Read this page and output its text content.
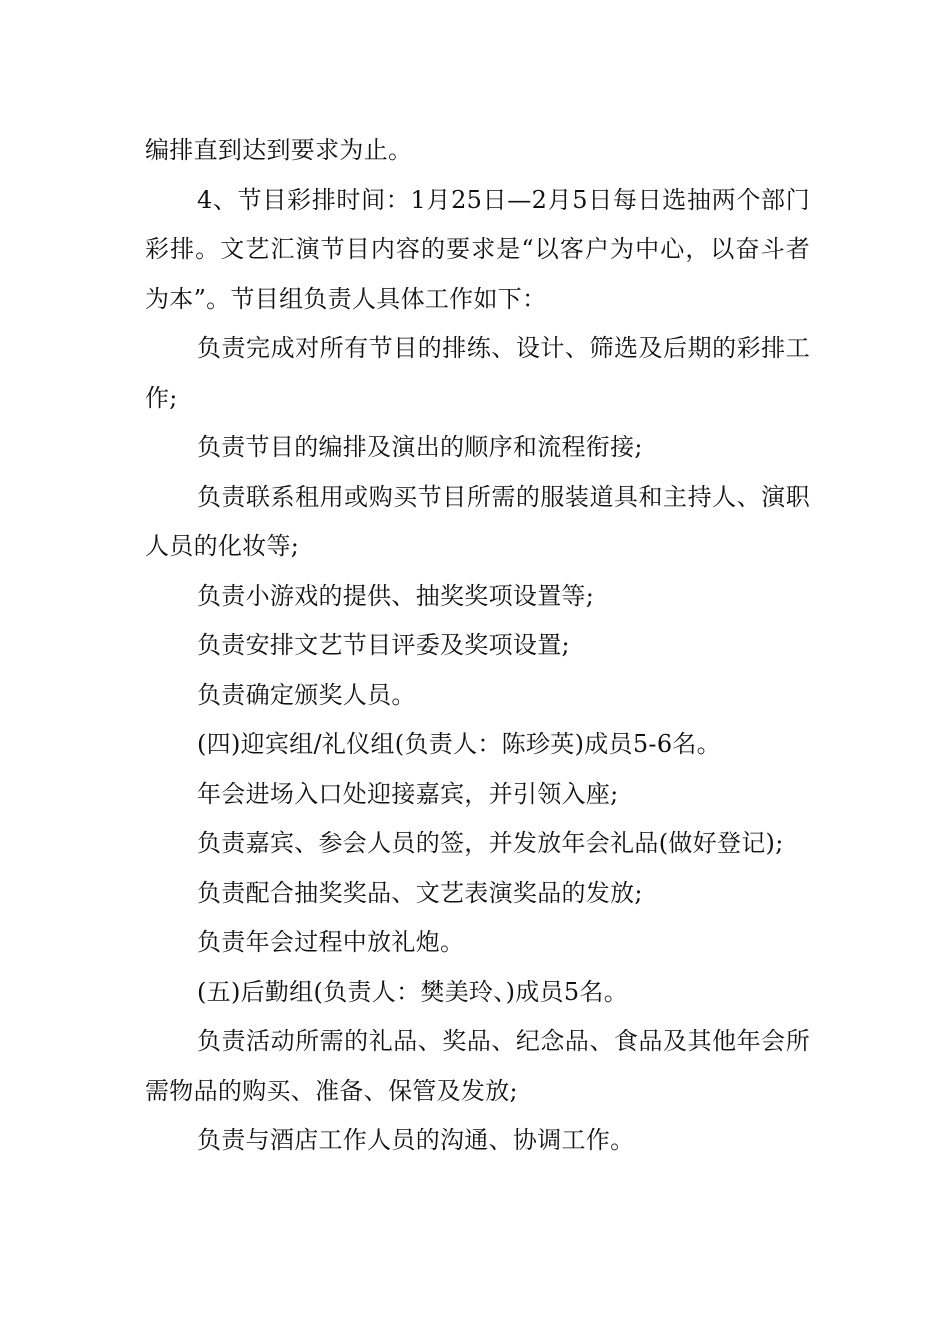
编排直到达到要求为止。

4、节目彩排时间：1月25日—2月5日每日选抽两个部门彩排。文艺汇演节目内容的要求是“以客户为中心，以奋斗者为本”。节目组负责人具体工作如下：

负责完成对所有节目的排练、设计、筛选及后期的彩排工作;

负责节目的编排及演出的顺序和流程衔接;

负责联系租用或购买节目所需的服装道具和主持人、演职人员的化妆等;

负责小游戏的提供、抽奖奖项设置等;

负责安排文艺节目评委及奖项设置;

负责确定颁奖人员。

(四)迎宾组/礼仪组(负责人：陈珍英)成员5-6名。

年会进场入口处迎接嘉宾，并引领入座;

负责嘉宾、参会人员的签，并发放年会礼品(做好登记);

负责配合抽奖奖品、文艺表演奖品的发放;

负责年会过程中放礼炮。

(五)后勤组(负责人：樊美玲、)成员5名。

负责活动所需的礼品、奖品、纪念品、食品及其他年会所需物品的购买、准备、保管及发放;

负责与酒店工作人员的沟通、协调工作。
